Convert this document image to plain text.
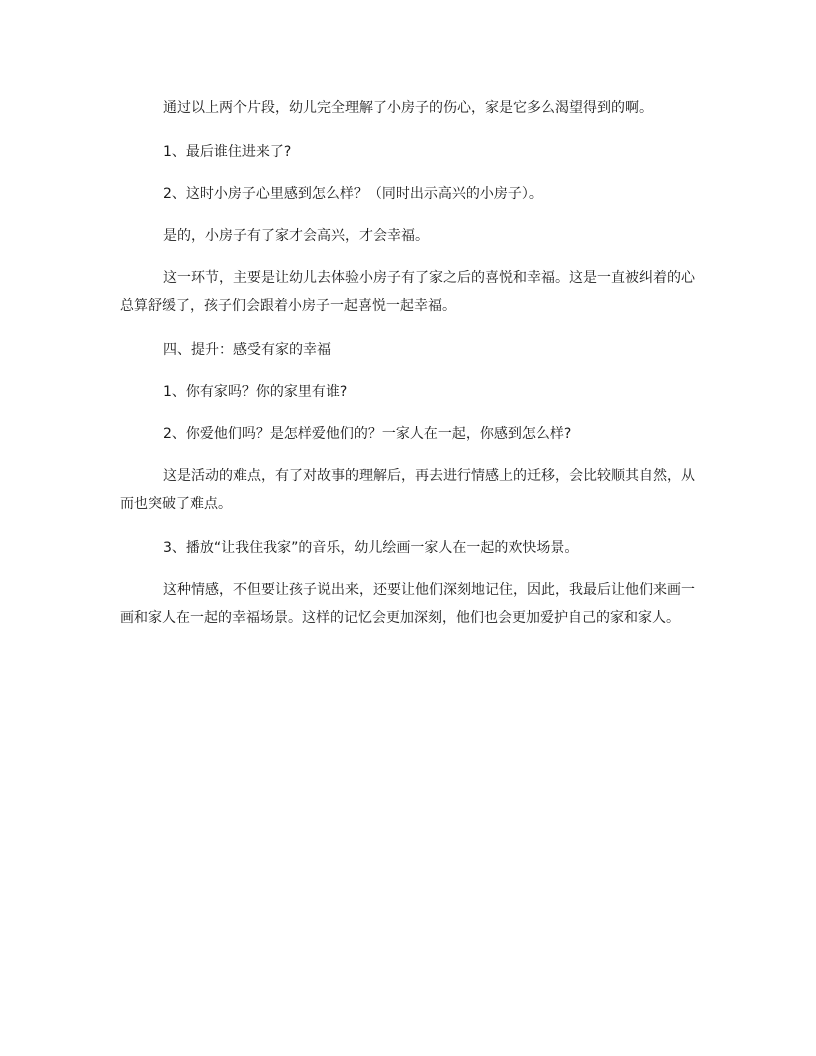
通过以上两个片段，幼儿完全理解了小房子的伤心，家是它多么渴望得到的啊。

1、最后谁住进来了?

2、这时小房子心里感到怎么样？（同时出示高兴的小房子）。

是的，小房子有了家才会高兴，才会幸福。

这一环节，主要是让幼儿去体验小房子有了家之后的喜悦和幸福。这是一直被纠着的心总算舒缓了，孩子们会跟着小房子一起喜悦一起幸福。

四、提升：感受有家的幸福

1、你有家吗？你的家里有谁?

2、你爱他们吗？是怎样爱他们的？一家人在一起，你感到怎么样?

这是活动的难点，有了对故事的理解后，再去进行情感上的迁移，会比较顺其自然，从而也突破了难点。

3、播放“让我住我家”的音乐，幼儿绘画一家人在一起的欢快场景。

这种情感，不但要让孩子说出来，还要让他们深刻地记住，因此，我最后让他们来画一画和家人在一起的幸福场景。这样的记忆会更加深刻，他们也会更加爱护自己的家和家人。
